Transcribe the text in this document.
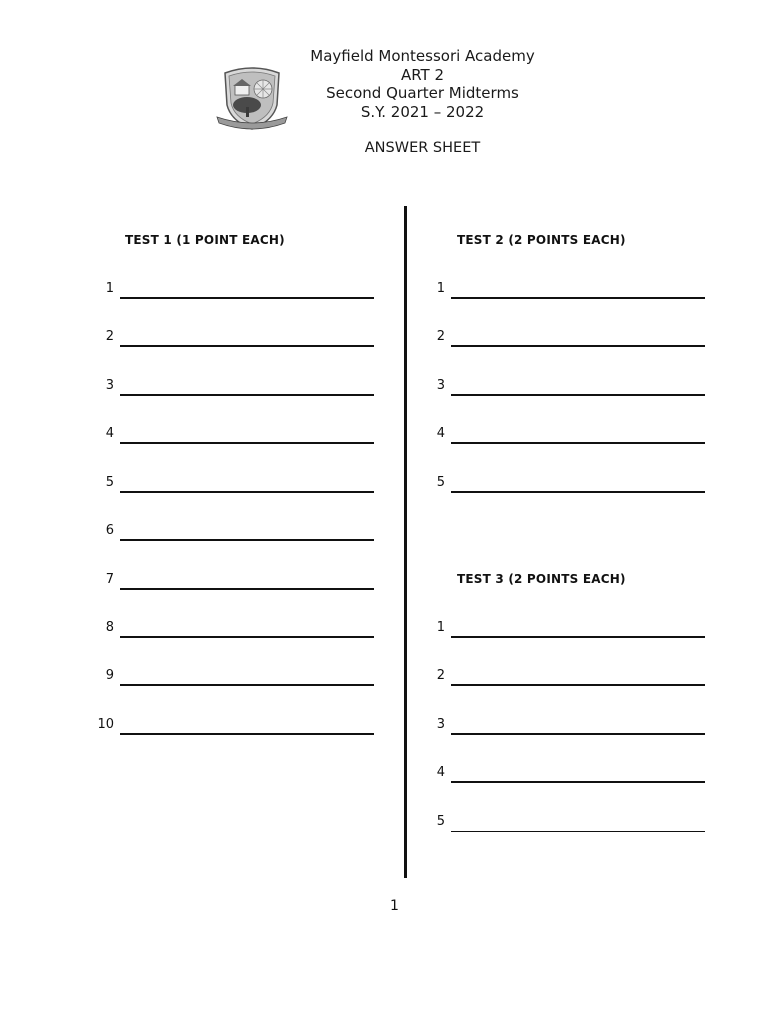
Mayfield Montessori Academy
ART 2
Second Quarter Midterms
S.Y. 2021 – 2022
ANSWER SHEET
TEST 1 (1 POINT EACH)
1
2
3
4
5
6
7
8
9
10
TEST 2 (2 POINTS EACH)
1
2
3
4
5
TEST 3 (2 POINTS EACH)
1
2
3
4
5
1
